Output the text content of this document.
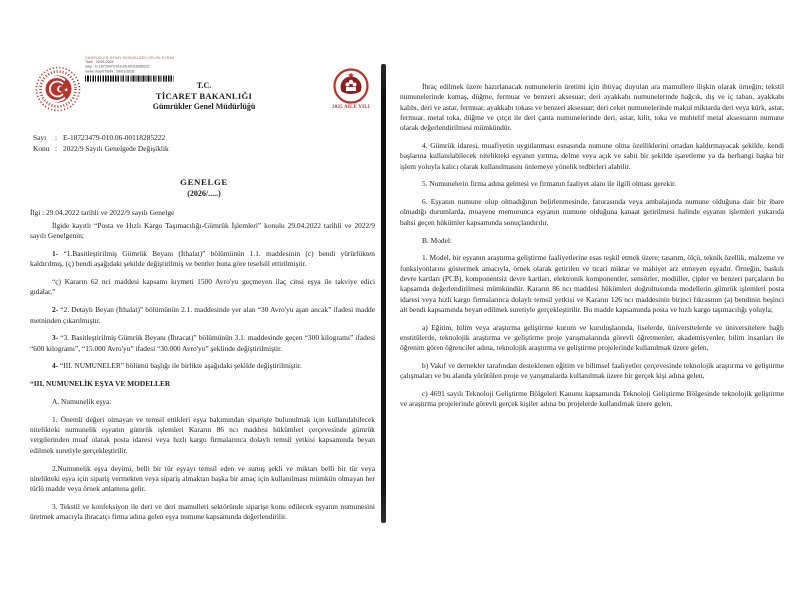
GÜMRÜKLER GENEL MÜDÜRLÜĞÜ GELEN EVRAK
Tarih : 20/01/2026
Sayı : E-18723479-010.06-00118285222
Gelen Kayıt Tarihi : 20/01/2026
T.C.
TİCARET BAKANLIĞI
Gümrükler Genel Müdürlüğü	2025 AİLE YILI
Sayı	: E-18723479-010.06-00118285222
Konu : 2022/9 Sayılı Genelgede Değişiklik
GENELGE
(2026/.....)
İlgi : 29.04.2022 tarihli ve 2022/9 sayılı Genelge

İlgide kayıtlı “Posta ve Hızlı Kargo Taşımacılığı-Gümrük İşlemleri” konulu 29.04.2022 tarihli ve 2022/9 sayılı Genelgenin;

1- “1.Basitleştirilmiş Gümrük Beyanı (İthalat)” bölümünün 1.1. maddesinin (c) bendi yürürlükten kaldırılmış, (ç) bendi aşağıdaki şekilde değiştirilmiş ve bentler buna göre teselsül ettirilmiştir.

“ç) Kararın 62 nci maddesi kapsamı kıymeti 1500 Avro'yu geçmeyen ilaç cinsi eşya ile takviye edici gıdalar,”

2- “2. Detaylı Beyan (İthalat)” bölümünün 2.1. maddesinde yer alan “30 Avro'yu aşan ancak” ifadesi madde metninden çıkarılmıştır.

3- “3. Basitleştirilmiş Gümrük Beyanı (İhracat)” bölümünün 3.1. maddesinde geçen “300 kilogramı” ifadesi “600 kilogramı”, “15.000 Avro'yu” ifadesi “30.000 Avro'yu” şeklinde değiştirilmiştir.

4- “III. NUMUNELER” bölümü başlığı ile birlikte aşağıdaki şekilde değiştirilmiştir.

“III. NUMUNELİK EŞYA VE MODELLER

A. Numunelik eşya:

1. Önemli değeri olmayan ve temsil ettikleri eşya bakımından siparişte bulunulmak için kullanılabilecek nitelikteki numunelik eşyanın gümrük işlemleri Kararın 86 ncı maddesi hükümleri çerçevesinde gümrük vergilerinden muaf olarak posta idaresi veya hızlı kargo firmalarınca dolaylı temsil yetkisi kapsamında beyan edilmek suretiyle gerçekleştirilir.

2.Numunelik eşya deyimi, belli bir tür eşyayı temsil eden ve sunuş şekli ve miktarı belli bir tür veya nitelikteki eşya için sipariş vermekten veya sipariş almaktan başka bir amaç için kullanılması mümkün olmayan her türlü madde veya örnek anlamına gelir.

3. Tekstil ve konfeksiyon ile deri ve deri mamulleri sektöründe siparişe konu edilecek eşyanın numunesini üretmek amacıyla ihracatçı firma adına gelen eşya numune kapsamında değerlendirilir.

İhraç edilmek üzere hazırlanacak numunelerin üretimi için ihtiyaç duyulan ara mamullere ilişkin olarak örneğin; tekstil numunelerinde kumaş, düğme, fermuar ve benzeri aksesuar; deri ayakkabı numunelerinde bağcık, dış ve iç taban, ayakkabı kalıbı, deri ve astar, fermuar, ayakkabı tokası ve benzeri aksesuar; deri ceket numunelerinde makul miktarda deri veya kürk, astar, fermuar, metal toka, düğme ve çıtçıt ile deri çanta numunelerinde deri, astar, kilit, toka ve muhtelif metal aksesuarın numune olarak değerlendirilmesi mümkündür.

4. Gümrük idaresi, muafiyetin uygulanması esnasında numune olma özelliklerini ortadan kaldırmayacak şekilde, kendi başlarına kullanılabilecek nitelikteki eşyanın yırtma, delme veya açık ve sabit bir şekilde işaretleme ya da herhangi başka bir işlem yoluyla kalıcı olarak kullanılmasını önlemeye yönelik tedbirleri alabilir.

5. Numunelerin firma adına gelmesi ve firmanın faaliyet alanı ile ilgili olması gerekir.

6. Eşyanın numune olup olmadığının belirlenmesinde, faturasında veya ambalajında numune olduğuna dair bir ibare olmadığı durumlarda, muayene memurunca eşyanın numune olduğuna kanaat getirilmesi halinde eşyanın işlemleri yukarıda bahsi geçen hükümler kapsamında sonuçlandırılır.

B. Model:

1. Model, bir eşyanın araştırma geliştirme faaliyetlerine esas teşkil etmek üzere; tasarım, ölçü, teknik özellik, malzeme ve fonksiyonlarını göstermek amacıyla, örnek olarak getirilen ve ticari miktar ve mahiyet arz etmeyen eşyadır. Örneğin, baskılı devre kartları (PCB), komponentsiz devre kartları, elektronik komponentler, sensörler, modüller, çipler ve benzeri parçaların bu kapsamda değerlendirilmesi mümkündür. Kararın 86 ncı maddesi hükümleri doğrultusunda modellerin gümrük işlemleri posta idaresi veya hızlı kargo firmalarınca dolaylı temsil yetkisi ve Kararın 126 ncı maddesinin birinci fıkrasının (a) bendinin beşinci alt bendi kapsamında beyan edilmek suretiyle gerçekleştirilir. Bu madde kapsamında posta ve hızlı kargo taşımacılığı yoluyla;

a) Eğitim, bilim veya araştırma geliştirme kurum ve kuruluşlarında, liselerde, üniversitelerde ve üniversitelere bağlı enstitülerde, teknolojik araştırma ve geliştirme proje yarışmalarında görevli öğretmenler, akademisyenler, bilim insanları ile öğrenim gören öğrenciler adına, teknolojik araştırma ve geliştirme projelerinde kullanılmak üzere gelen,

b) Vakıf ve dernekler tarafından desteklenen eğitim ve bilimsel faaliyetler çerçevesinde teknolojik araştırma ve geliştirme çalışmaları ve bu alanda yürütülen proje ve yarışmalarda kullanılmak üzere bir gerçek kişi adına gelen,

c) 4691 sayılı Teknoloji Geliştirme Bölgeleri Kanunu kapsamında Teknoloji Geliştirme Bölgesinde teknolojik geliştirme ve araştırma projelerinde görevli gerçek kişiler adına bu projelerde kullanılmak üzere gelen,
